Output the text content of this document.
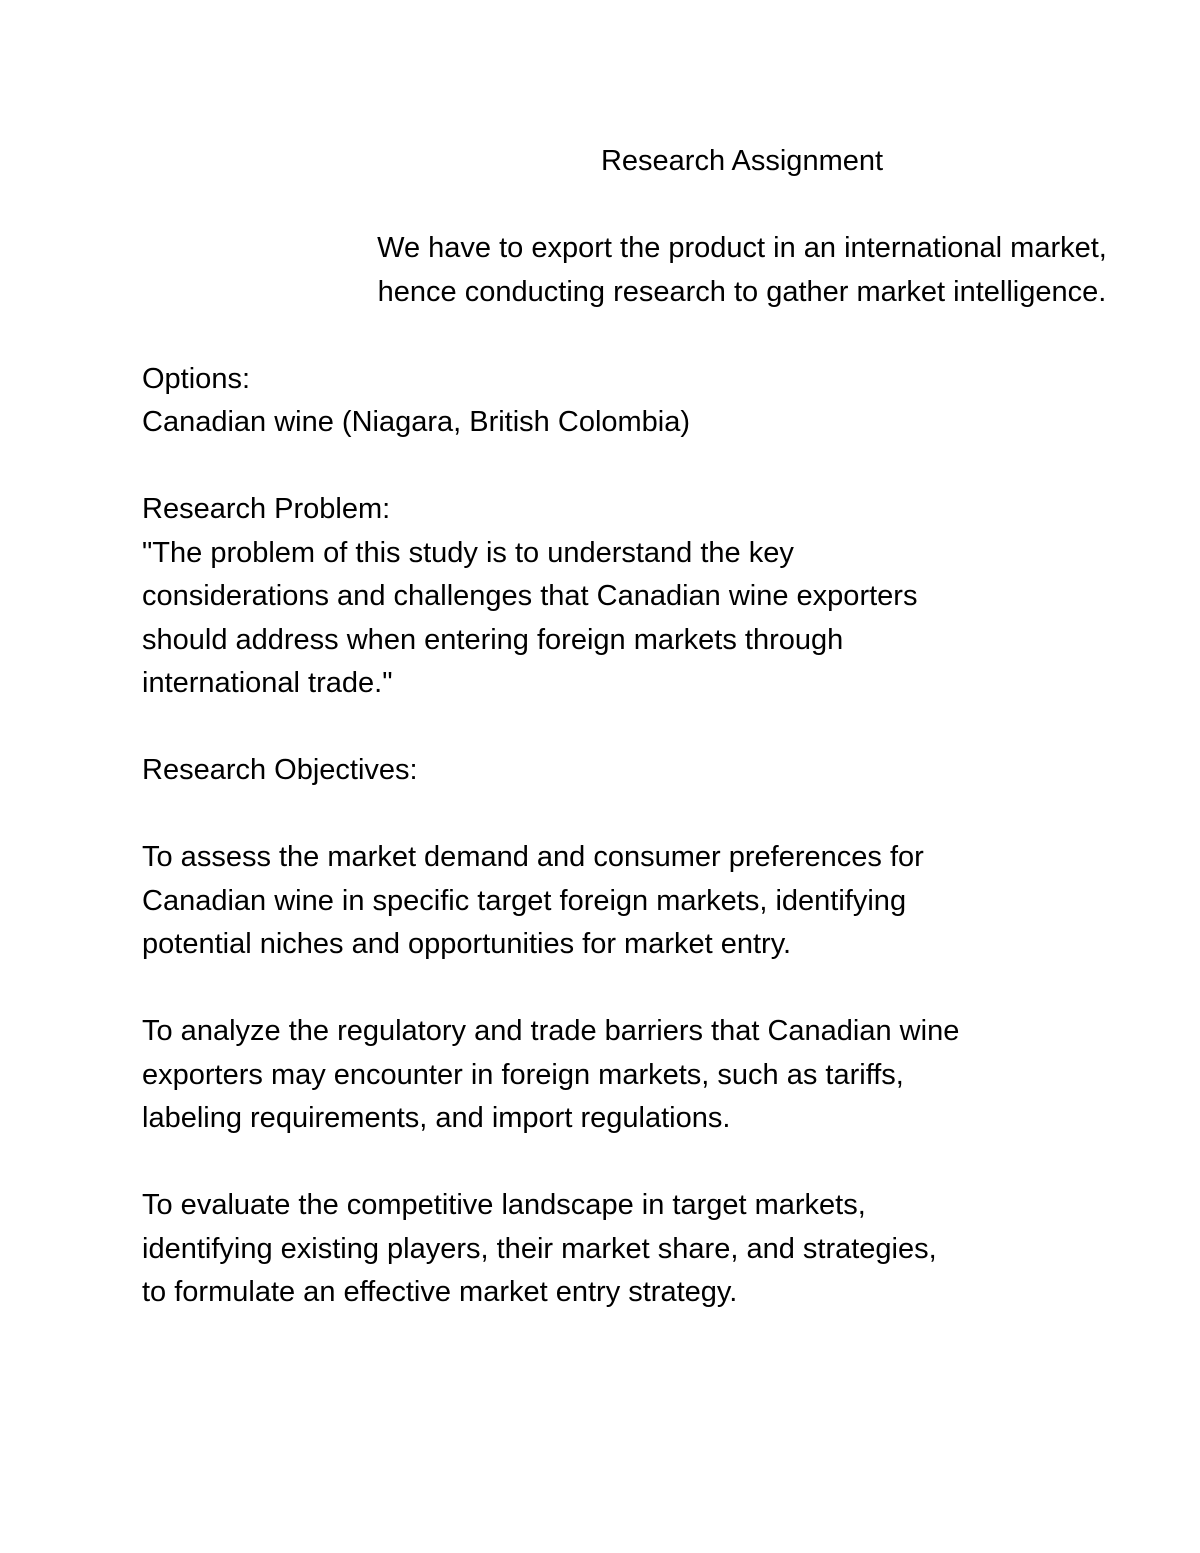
Research Assignment
We have to export the product in an international market,
hence conducting research to gather market intelligence.
Options:
Canadian wine (Niagara, British Colombia)
Research Problem:
"The problem of this study is to understand the key
considerations and challenges that Canadian wine exporters
should address when entering foreign markets through
international trade."
Research Objectives:
To assess the market demand and consumer preferences for
Canadian wine in specific target foreign markets, identifying
potential niches and opportunities for market entry.
To analyze the regulatory and trade barriers that Canadian wine
exporters may encounter in foreign markets, such as tariffs,
labeling requirements, and import regulations.
To evaluate the competitive landscape in target markets,
identifying existing players, their market share, and strategies,
to formulate an effective market entry strategy.
